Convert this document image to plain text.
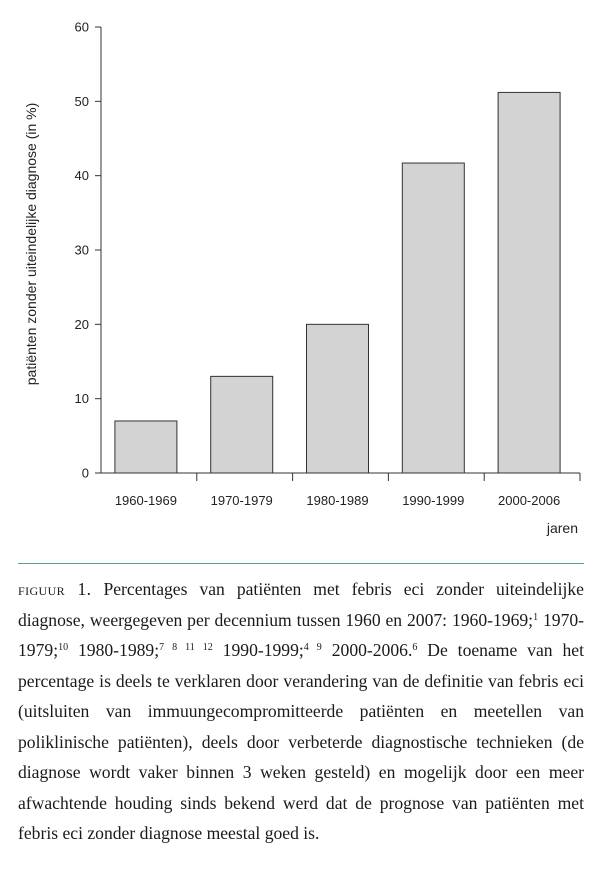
0
10
20
30
40
50
60
1960-1969	1970-1979	1980-1989	1990-1999	2000-2006
patiënten zonder uiteindelijke diagnose (in %)
jaren

figuur 1. Percentages van patiënten met febris eci zonder uiteindelijke diagnose, weergegeven per decennium tussen 1960 en 2007: 1960-1969;$^1$ 1970-1979;$^{10}$ 1980-1989;$^{7 8 11 12}$ 1990-1999;$^{4 9}$ 2000-2006.$^6$ De toename van het percentage is deels te verklaren door verandering van de definitie van febris eci (uitsluiten van immuungecompromitteerde patiënten en meetellen van poliklinische patiënten), deels door verbeterde diagnostische technieken (de diagnose wordt vaker binnen 3 weken gesteld) en mogelijk door een meer afwachtende houding sinds bekend werd dat de prognose van patiënten met febris eci zonder diagnose meestal goed is.
